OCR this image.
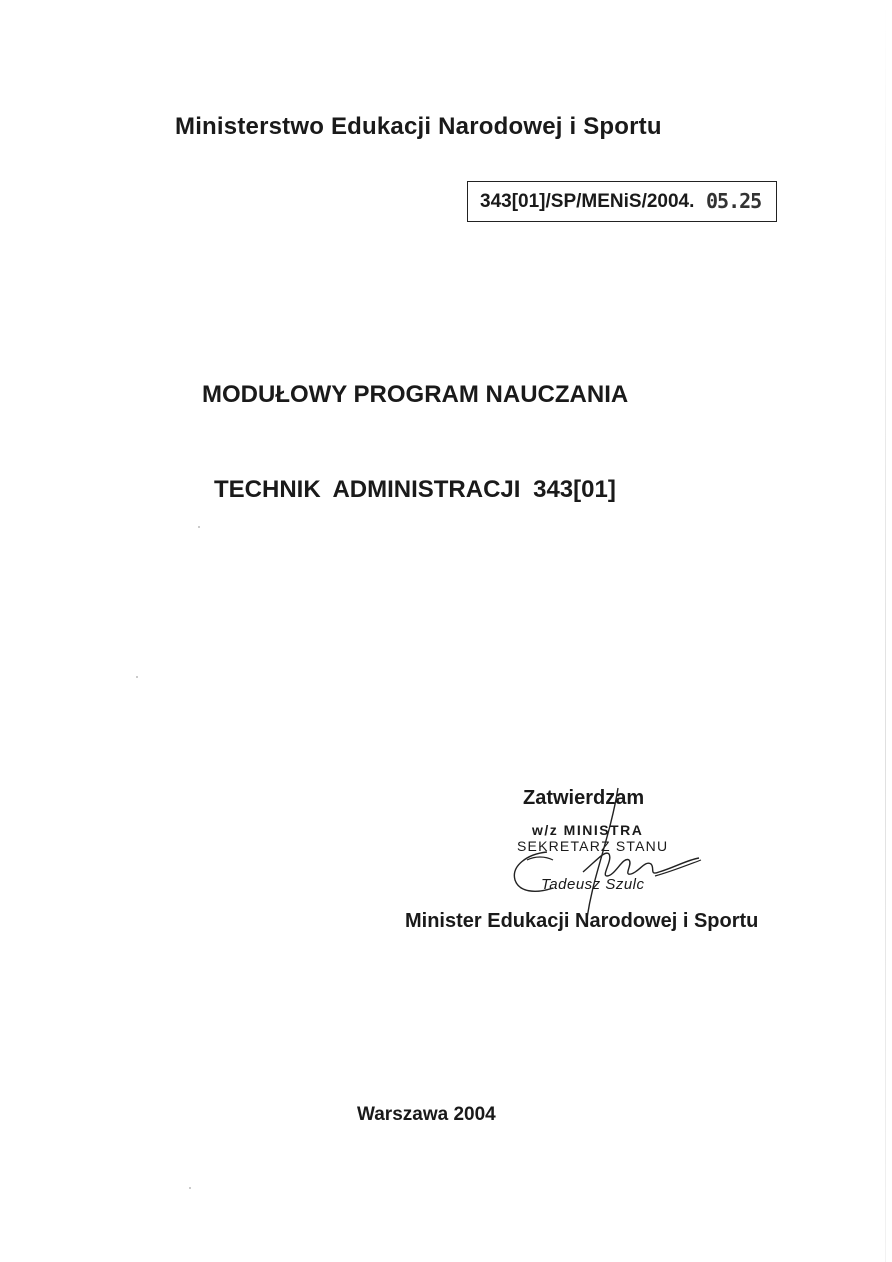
Ministerstwo Edukacji Narodowej i Sportu
343[01]/SP/MENiS/2004. 05.25
MODUŁOWY PROGRAM NAUCZANIA
TECHNIK ADMINISTRACJI 343[01]
Zatwierdzam
w/z MINISTRA
SEKRETARZ STANU
Tadeusz Szulc
Minister Edukacji Narodowej i Sportu
Warszawa 2004
